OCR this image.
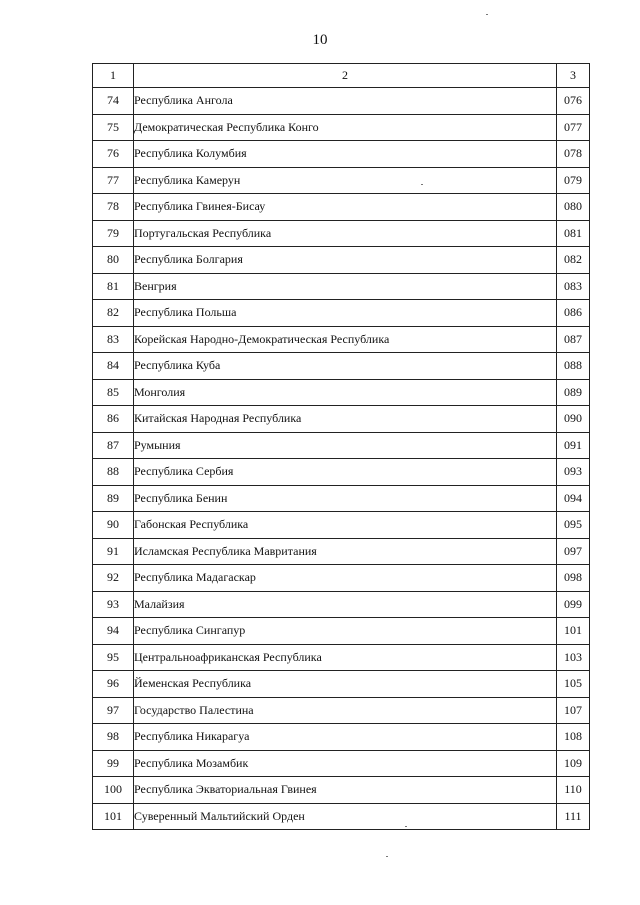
10
1	2	3
74	Республика Ангола	076
75	Демократическая Республика Конго	077
76	Республика Колумбия	078
77	Республика Камерун	079
78	Республика Гвинея-Бисау	080
79	Португальская Республика	081
80	Республика Болгария	082
81	Венгрия	083
82	Республика Польша	086
83	Корейская Народно-Демократическая Республика	087
84	Республика Куба	088
85	Монголия	089
86	Китайская Народная Республика	090
87	Румыния	091
88	Республика Сербия	093
89	Республика Бенин	094
90	Габонская Республика	095
91	Исламская Республика Мавритания	097
92	Республика Мадагаскар	098
93	Малайзия	099
94	Республика Сингапур	101
95	Центральноафриканская Республика	103
96	Йеменская Республика	105
97	Государство Палестина	107
98	Республика Никарагуа	108
99	Республика Мозамбик	109
100	Республика Экваториальная Гвинея	110
101	Суверенный Мальтийский Орден	111
